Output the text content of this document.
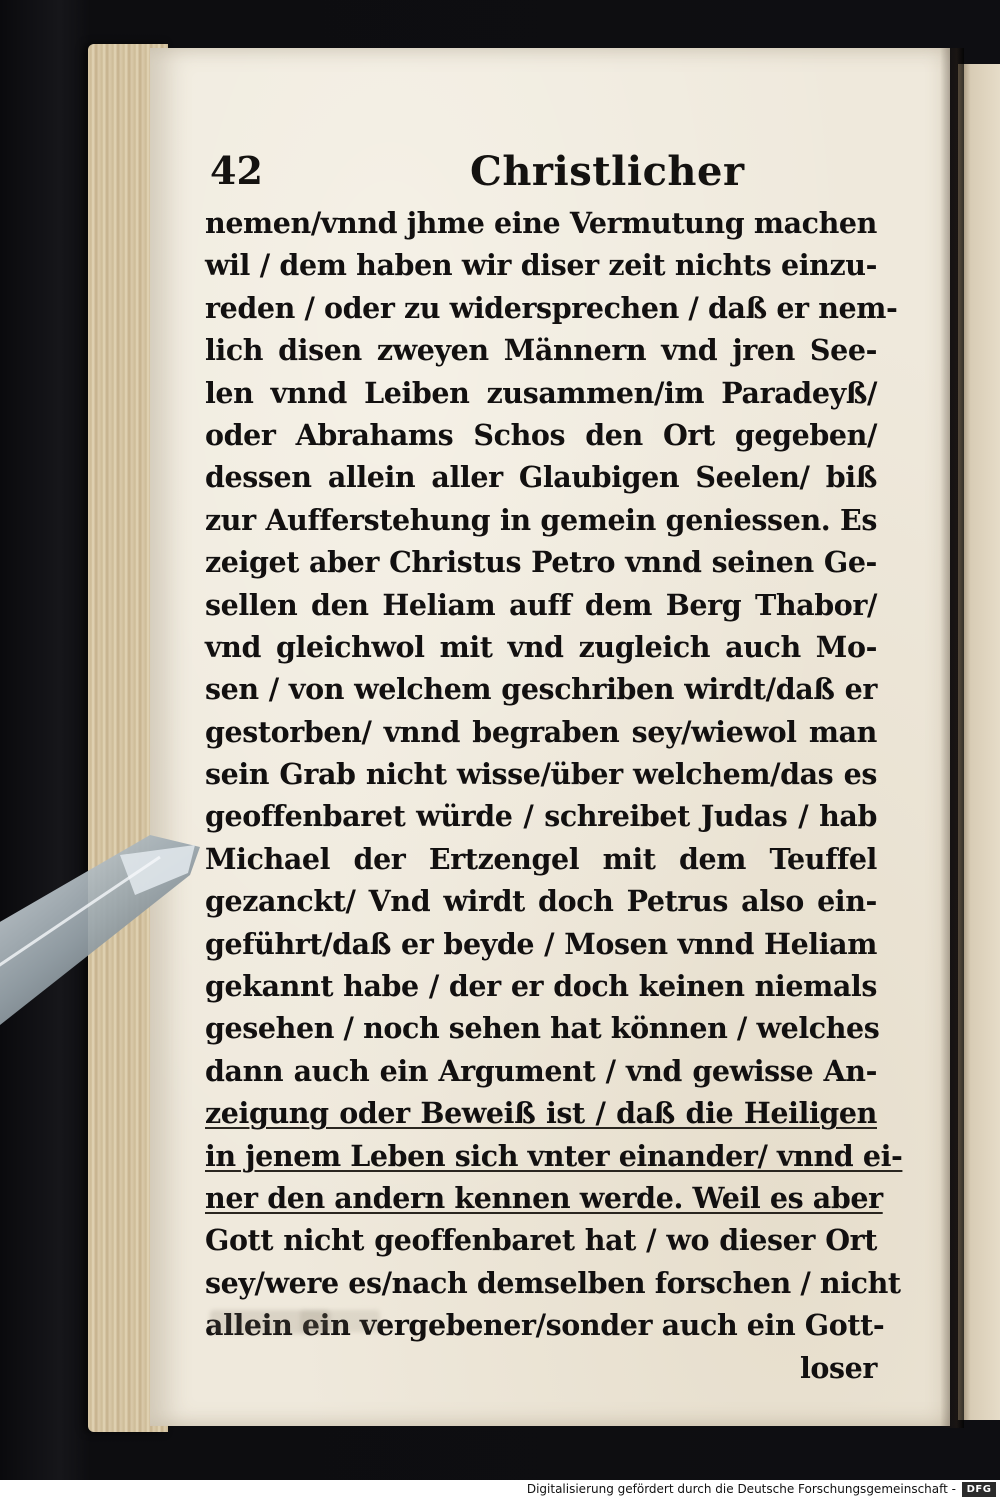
42	Christlicher
nemen/vnnd jhme eine Vermutung machen
wil / dem haben wir diser zeit nichts einzu-
reden / oder zu widersprechen / daß er nem-
lich disen zweyen Männern vnd jren See-
len vnnd Leiben zusammen/im Paradeyß/
oder Abrahams Schos den Ort gegeben/
dessen allein aller Glaubigen Seelen/ biß
zur Aufferstehung in gemein geniessen. Es
zeiget aber Christus Petro vnnd seinen Ge-
sellen den Heliam auff dem Berg Thabor/
vnd gleichwol mit vnd zugleich auch Mo-
sen / von welchem geschriben wirdt/daß er
gestorben/ vnnd begraben sey/wiewol man
sein Grab nicht wisse/über welchem/das es
geoffenbaret würde / schreibet Judas / hab
Michael der Ertzengel mit dem Teuffel
gezanckt/ Vnd wirdt doch Petrus also ein-
geführt/daß er beyde / Mosen vnnd Heliam
gekannt habe / der er doch keinen niemals
gesehen / noch sehen hat können / welches
dann auch ein Argument / vnd gewisse An-
zeigung oder Beweiß ist / daß die Heiligen
in jenem Leben sich vnter einander/ vnnd ei-
ner den andern kennen werde. Weil es aber
Gott nicht geoffenbaret hat / wo dieser Ort
sey/were es/nach demselben forschen / nicht
allein ein vergebener/sonder auch ein Gott-
loser
Digitalisierung gefördert durch die Deutsche Forschungsgemeinschaft -	DFG
